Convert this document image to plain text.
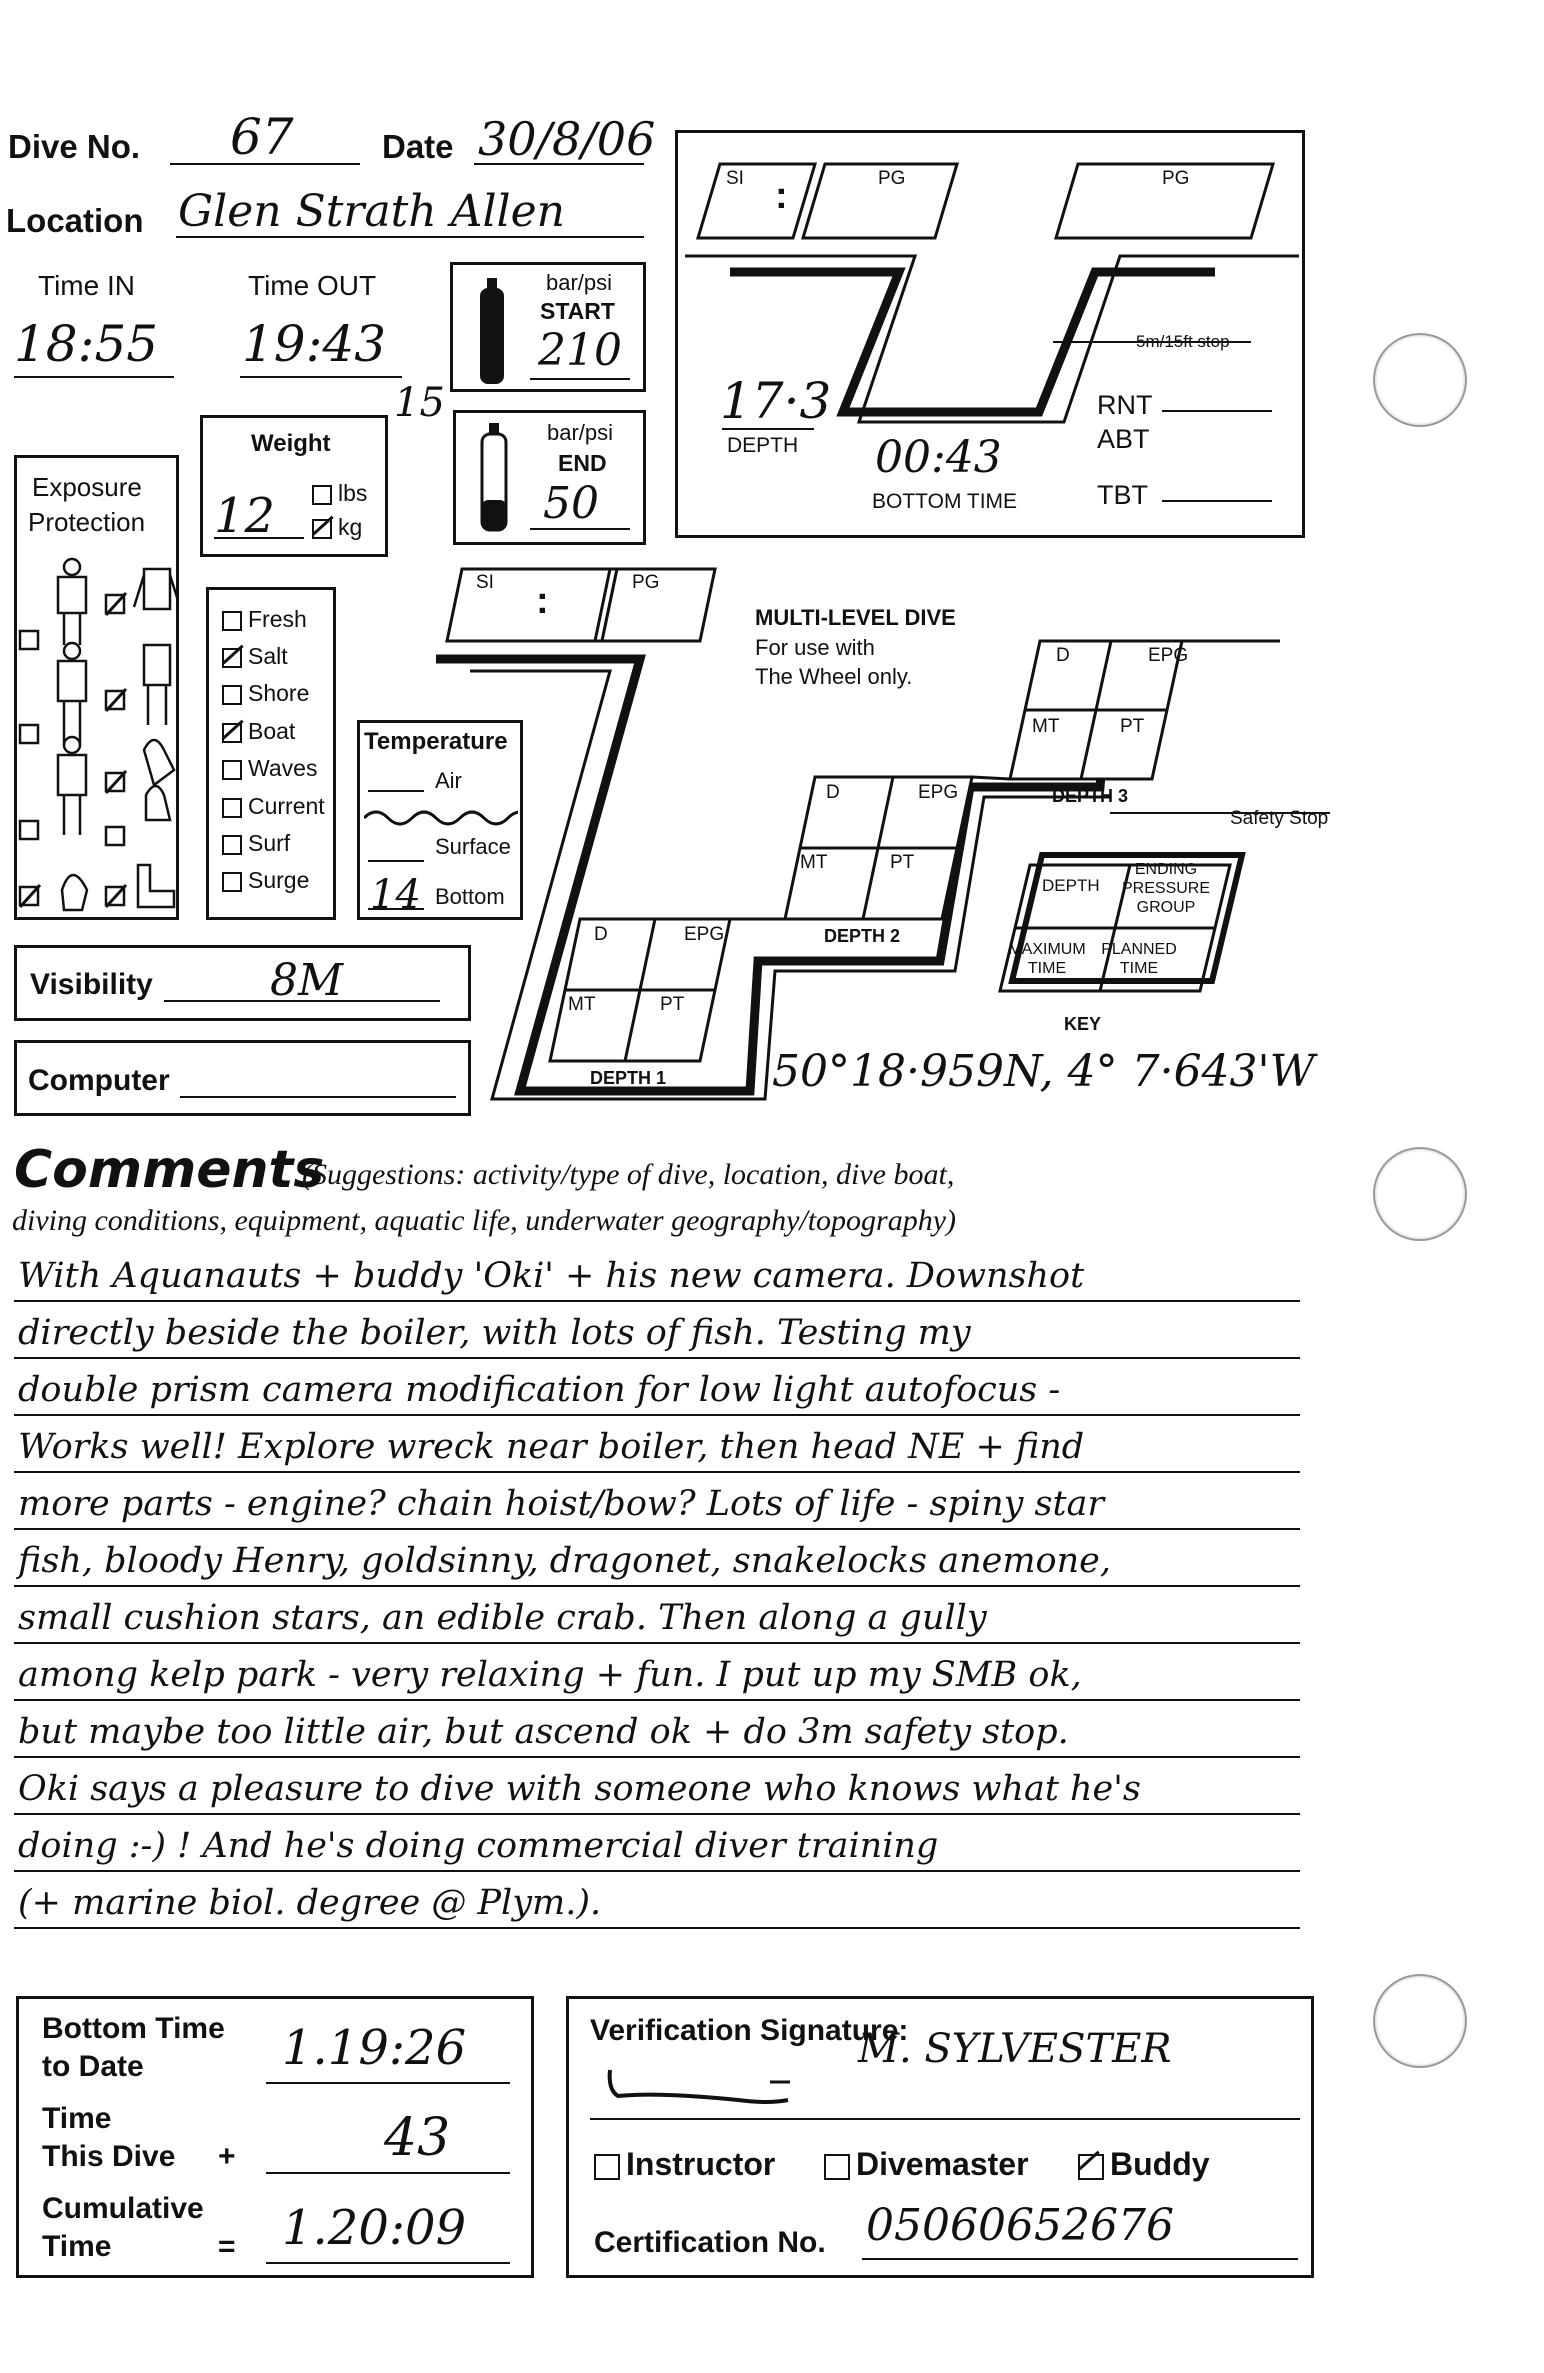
Dive No. 67	Date 30/8/06
Location Glen Strath Allen
Time IN
18:55
Time OUT
19:43
bar/psi
START
210
15
bar/psi
END
50
Weight
12	lbs
kg
SI :	PG	PG
5m/15ft stop
17·3
DEPTH 00:43
BOTTOM TIME
RNT
ABT
TBT
Exposure
Protection
Fresh
Salt
Shore
Boat
Waves
Current
Surf
Surge
Temperature
Air
Surface
14 Bottom
Visibility	8M
Computer
SI :	PG
MULTI-LEVEL DIVE
For use with
The Wheel only.
D	EPG
MT	PT
DEPTH 3
Safety Stop
D	EPG
MT	PT
DEPTH 2
D	EPG
MT	PT
DEPTH 1
DEPTH
ENDING PRESSURE GROUP
MAXIMUM TIME
PLANNED TIME
KEY
50°18·959N, 4° 7·643'W
Comments
(Suggestions: activity/type of dive, location, dive boat,
diving conditions, equipment, aquatic life, underwater geography/topography)
With Aquanauts + buddy 'Oki' + his new camera. Downshot
directly beside the boiler, with lots of fish. Testing my
double prism camera modification for low light autofocus -
Works well! Explore wreck near boiler, then head NE + find
more parts - engine? chain hoist/bow? Lots of life - spiny star
fish, bloody Henry, goldsinny, dragonet, snakelocks anemone,
small cushion stars, an edible crab. Then along a gully
among kelp park - very relaxing + fun. I put up my SMB ok,
but maybe too little air, but ascend ok + do 3m safety stop.
Oki says a pleasure to dive with someone who knows what he's
doing :-) ! And he's doing commercial diver training
(+ marine biol. degree @ Plym.).
Bottom Time
to Date	1.19:26
Time
This Dive +	43
Cumulative
Time	= 1.20:09
Verification Signature:
M. SYLVESTER
Instructor	Divemaster	Buddy
Certification No. 05060652676
